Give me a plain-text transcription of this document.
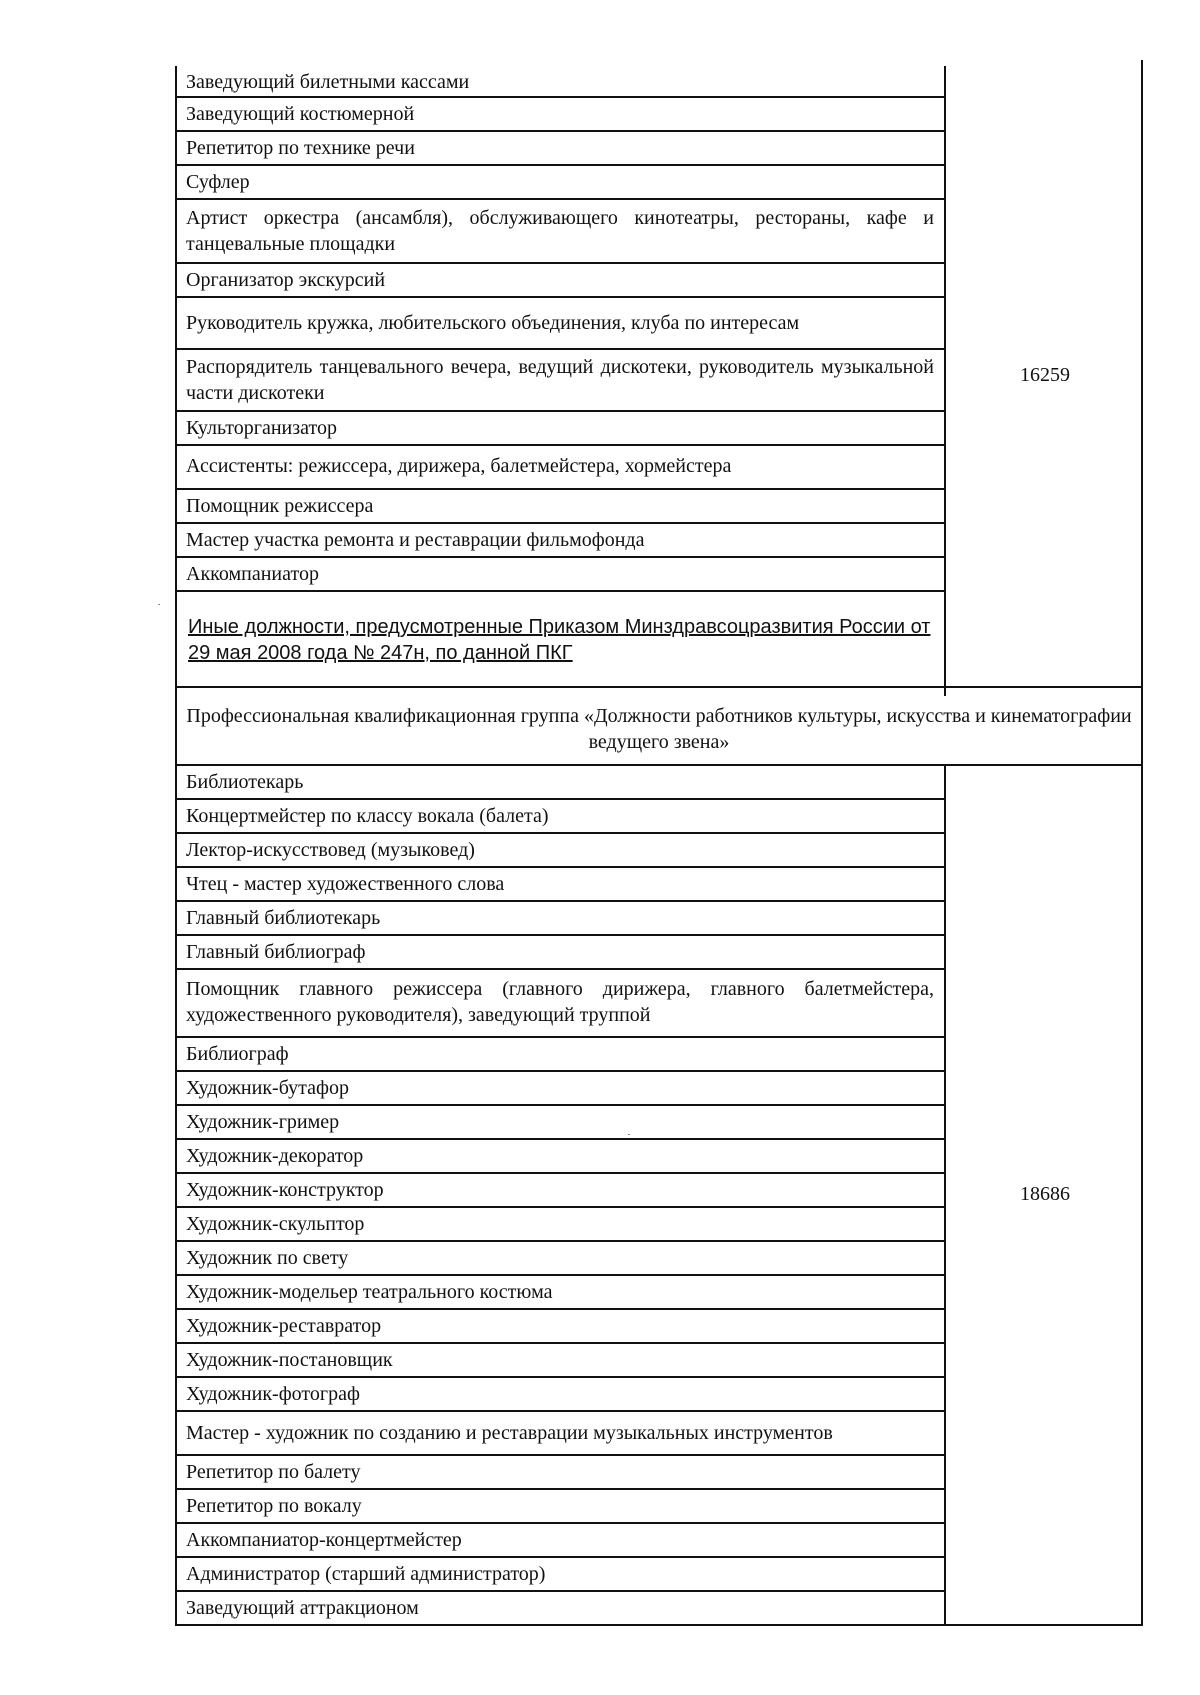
Заведующий билетными кассами
Заведующий костюмерной
Репетитор по технике речи
Суфлер
Артист оркестра (ансамбля), обслуживающего кинотеатры, рестораны, кафе и танцевальные площадки
Организатор экскурсий
Руководитель кружка, любительского объединения, клуба по интересам
Распорядитель танцевального вечера, ведущий дискотеки, руководитель музыкальной части дискотеки
Культорганизатор
Ассистенты: режиссера, дирижера, балетмейстера, хормейстера
Помощник режиссера
Мастер участка ремонта и реставрации фильмофонда
Аккомпаниатор
Иные должности, предусмотренные Приказом Минздравсоцразвития России от 29 мая 2008 года № 247н, по данной ПКГ
16259
Профессиональная квалификационная группа «Должности работников культуры, искусства и кинематографии ведущего звена»
Библиотекарь
Концертмейстер по классу вокала (балета)
Лектор-искусствовед (музыковед)
Чтец - мастер художественного слова
Главный библиотекарь
Главный библиограф
Помощник главного режиссера (главного дирижера, главного балетмейстера, художественного руководителя), заведующий труппой
Библиограф
Художник-бутафор
Художник-гример
Художник-декоратор
Художник-конструктор
Художник-скульптор
Художник по свету
Художник-модельер театрального костюма
Художник-реставратор
Художник-постановщик
Художник-фотограф
Мастер - художник по созданию и реставрации музыкальных инструментов
Репетитор по балету
Репетитор по вокалу
Аккомпаниатор-концертмейстер
Администратор (старший администратор)
Заведующий аттракционом
18686
